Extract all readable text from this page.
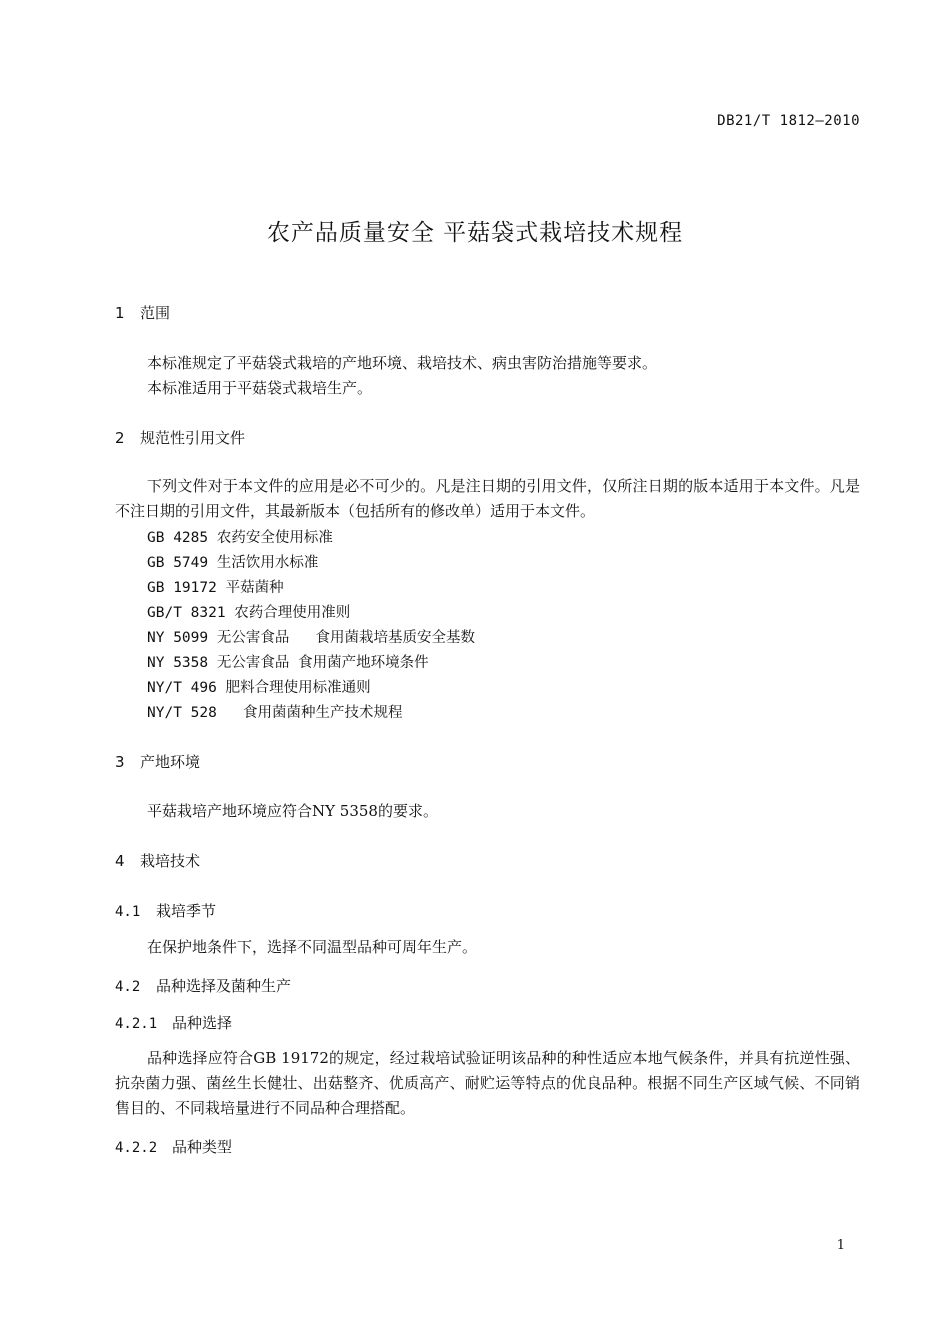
DB21/T 1812—2010
农产品质量安全 平菇袋式栽培技术规程
1 范围
本标准规定了平菇袋式栽培的产地环境、栽培技术、病虫害防治措施等要求。
本标准适用于平菇袋式栽培生产。
2 规范性引用文件
下列文件对于本文件的应用是必不可少的。凡是注日期的引用文件，仅所注日期的版本适用于本文件。凡是不注日期的引用文件，其最新版本（包括所有的修改单）适用于本文件。
GB 4285 农药安全使用标准
GB 5749 生活饮用水标准
GB 19172 平菇菌种
GB/T 8321 农药合理使用准则
NY 5099 无公害食品   食用菌栽培基质安全基数
NY 5358 无公害食品 食用菌产地环境条件
NY/T 496 肥料合理使用标准通则
NY/T 528   食用菌菌种生产技术规程
3 产地环境
平菇栽培产地环境应符合NY 5358的要求。
4 栽培技术
4.1 栽培季节
在保护地条件下，选择不同温型品种可周年生产。
4.2 品种选择及菌种生产
4.2.1 品种选择
品种选择应符合GB 19172的规定，经过栽培试验证明该品种的种性适应本地气候条件，并具有抗逆性强、抗杂菌力强、菌丝生长健壮、出菇整齐、优质高产、耐贮运等特点的优良品种。根据不同生产区域气候、不同销售目的、不同栽培量进行不同品种合理搭配。
4.2.2 品种类型
1
